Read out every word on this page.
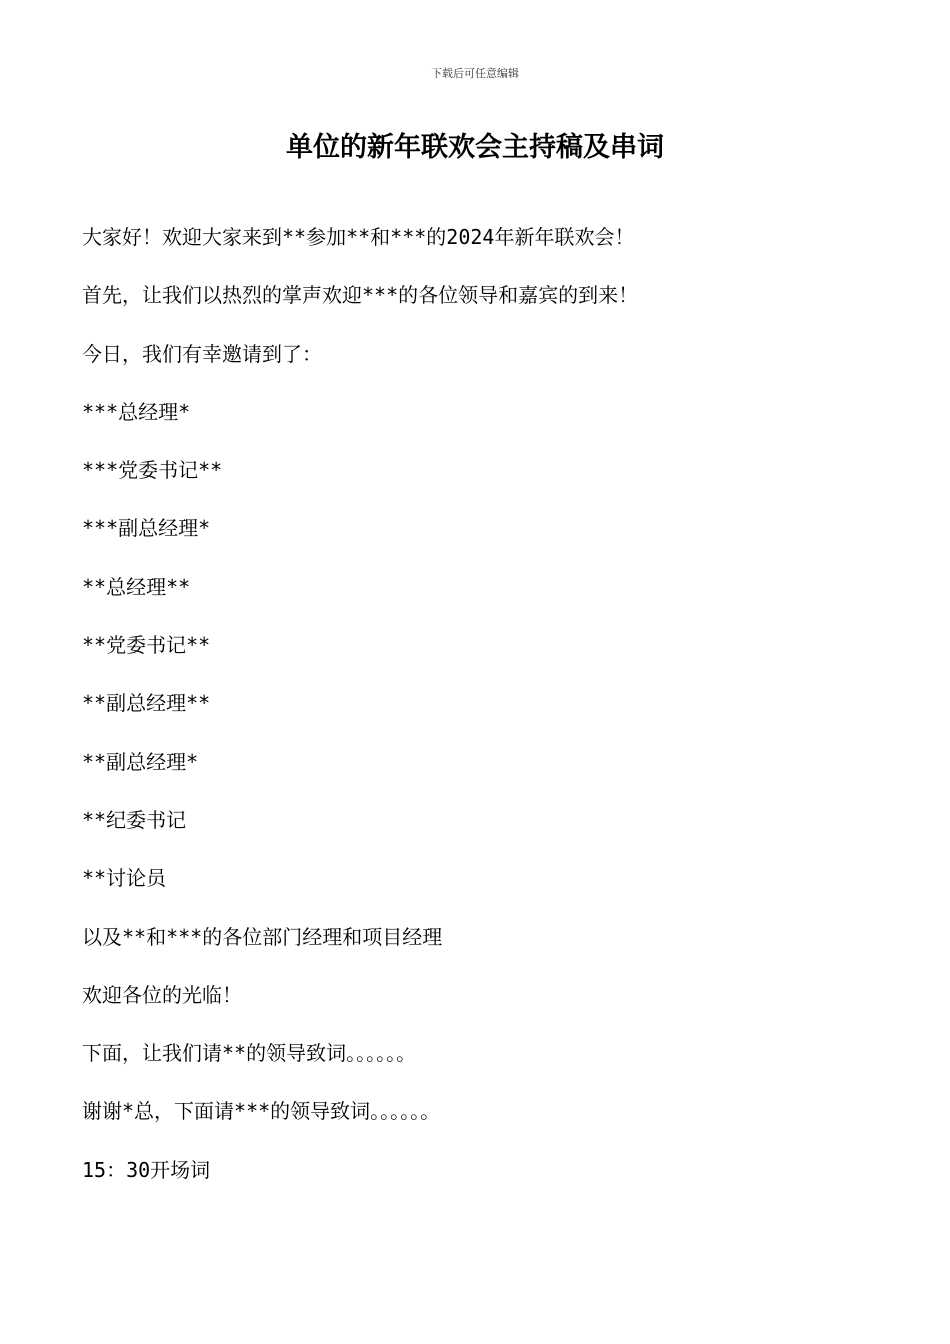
下载后可任意编辑
单位的新年联欢会主持稿及串词

大家好！欢迎大家来到**参加**和***的2024年新年联欢会！

首先，让我们以热烈的掌声欢迎***的各位领导和嘉宾的到来！

今日，我们有幸邀请到了：

***总经理*

***党委书记**

***副总经理*

**总经理**

**党委书记**

**副总经理**

**副总经理*

**纪委书记

**讨论员

以及**和***的各位部门经理和项目经理

欢迎各位的光临！

下面，让我们请**的领导致词。。。。。。

谢谢*总，下面请***的领导致词。。。。。。

15：30开场词
